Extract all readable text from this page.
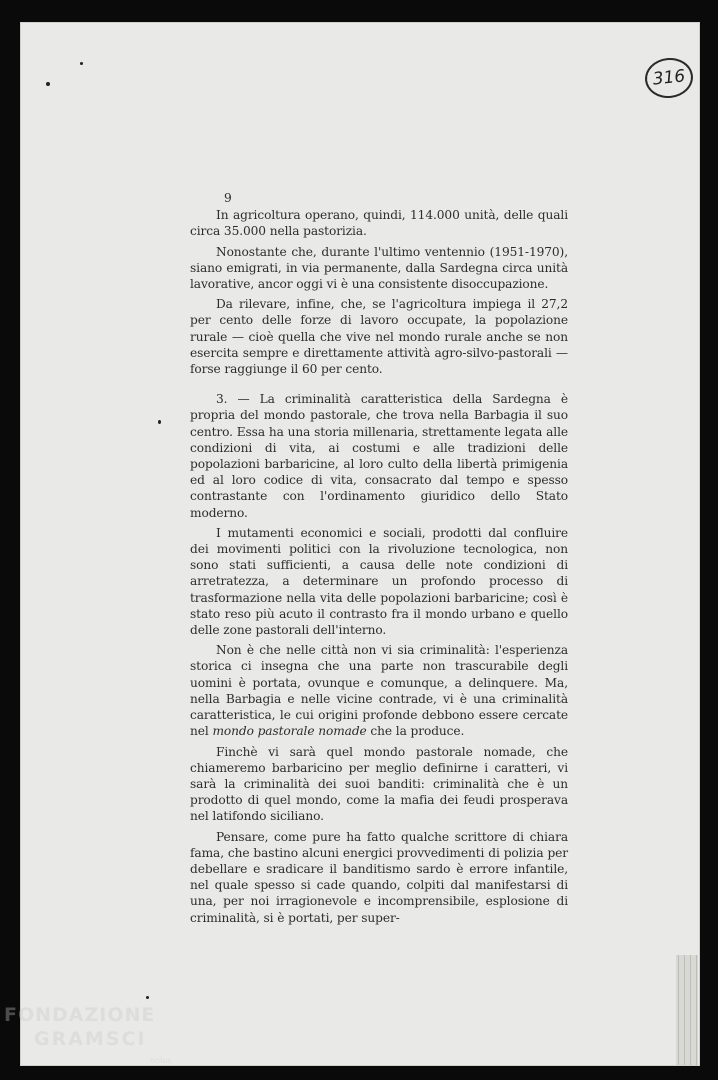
316
9

In agricoltura operano, quindi, 114.000 unità, delle quali circa 35.000 nella pastorizia.

Nonostante che, durante l'ultimo ventennio (1951-1970), siano emigrati, in via permanente, dalla Sardegna circa unità lavorative, ancor oggi vi è una consistente disoccupazione.

Da rilevare, infine, che, se l'agricoltura impiega il 27,2 per cento delle forze di lavoro occupate, la popolazione rurale — cioè quella che vive nel mondo rurale anche se non esercita sempre e direttamente attività agro-silvo-pastorali — forse raggiunge il 60 per cento.

3. — La criminalità caratteristica della Sardegna è propria del mondo pastorale, che trova nella Barbagia il suo centro. Essa ha una storia millenaria, strettamente legata alle condizioni di vita, ai costumi e alle tradizioni delle popolazioni barbaricine, al loro culto della libertà primigenia ed al loro codice di vita, consacrato dal tempo e spesso contrastante con l'ordinamento giuridico dello Stato moderno.

I mutamenti economici e sociali, prodotti dal confluire dei movimenti politici con la rivoluzione tecnologica, non sono stati sufficienti, a causa delle note condizioni di arretratezza, a determinare un profondo processo di trasformazione nella vita delle popolazioni barbaricine; così è stato reso più acuto il contrasto fra il mondo urbano e quello delle zone pastorali dell'interno.

Non è che nelle città non vi sia criminalità: l'esperienza storica ci insegna che una parte non trascurabile degli uomini è portata, ovunque e comunque, a delinquere. Ma, nella Barbagia e nelle vicine contrade, vi è una criminalità caratteristica, le cui origini profonde debbono essere cercate nel mondo pastorale nomade che la produce.

Finchè vi sarà quel mondo pastorale nomade, che chiameremo barbaricino per meglio definirne i caratteri, vi sarà la criminalità dei suoi banditi: criminalità che è un prodotto di quel mondo, come la mafia dei feudi prosperava nel latifondo siciliano.

Pensare, come pure ha fatto qualche scrittore di chiara fama, che bastino alcuni energici provvedimenti di polizia per debellare e sradicare il banditismo sardo è errore infantile, nel quale spesso si cade quando, colpiti dal manifestarsi di una, per noi irragionevole e incomprensibile, esplosione di criminalità, si è portati, per super-

FONDAZIONE
GRAMSCI
onlus
